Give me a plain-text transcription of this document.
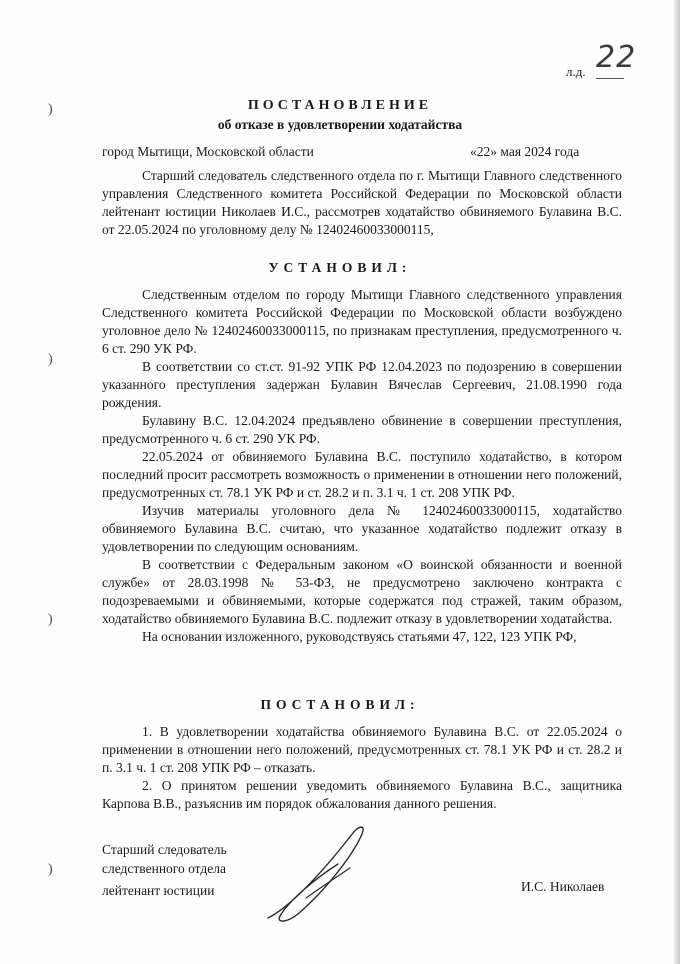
)
)
)
)
л.д. 22
ПОСТАНОВЛЕНИЕ
об отказе в удовлетворении ходатайства
город Мытищи, Московской области	«22» мая 2024 года
Старший следователь следственного отдела по г. Мытищи Главного следственного управления Следственного комитета Российской Федерации по Московской области лейтенант юстиции Николаев И.С., рассмотрев ходатайство обвиняемого Булавина В.С. от 22.05.2024 по уголовному делу № 12402460033000115,
УСТАНОВИЛ:

Следственным отделом по городу Мытищи Главного следственного управления Следственного комитета Российской Федерации по Московской области возбуждено уголовное дело № 12402460033000115, по признакам преступления, предусмотренного ч. 6 ст. 290 УК РФ.

В соответствии со ст.ст. 91-92 УПК РФ 12.04.2023 по подозрению в совершении указанного преступления задержан Булавин Вячеслав Сергеевич, 21.08.1990 года рождения.

Булавину В.С. 12.04.2024 предъявлено обвинение в совершении преступления, предусмотренного ч. 6 ст. 290 УК РФ.

22.05.2024 от обвиняемого Булавина В.С. поступило ходатайство, в котором последний просит рассмотреть возможность о применении в отношении него положений, предусмотренных ст. 78.1 УК РФ и ст. 28.2 и п. 3.1 ч. 1 ст. 208 УПК РФ.

Изучив материалы уголовного дела № 12402460033000115, ходатайство обвиняемого Булавина В.С. считаю, что указанное ходатайство подлежит отказу в удовлетворении по следующим основаниям.

В соответствии с Федеральным законом «О воинской обязанности и военной службе» от 28.03.1998 № 53-ФЗ, не предусмотрено заключено контракта с подозреваемыми и обвиняемыми, которые содержатся под стражей, таким образом, ходатайство обвиняемого Булавина В.С. подлежит отказу в удовлетворении ходатайства.

На основании изложенного, руководствуясь статьями 47, 122, 123 УПК РФ,

ПОСТАНОВИЛ:

1. В удовлетворении ходатайства обвиняемого Булавина В.С. от 22.05.2024 о применении в отношении него положений, предусмотренных ст. 78.1 УК РФ и ст. 28.2 и п. 3.1 ч. 1 ст. 208 УПК РФ – отказать.

2. О принятом решении уведомить обвиняемого Булавина В.С., защитника Карпова В.В., разъяснив им порядок обжалования данного решения.

Старший следователь
следственного отдела
лейтенант юстиции	И.С. Николаев
